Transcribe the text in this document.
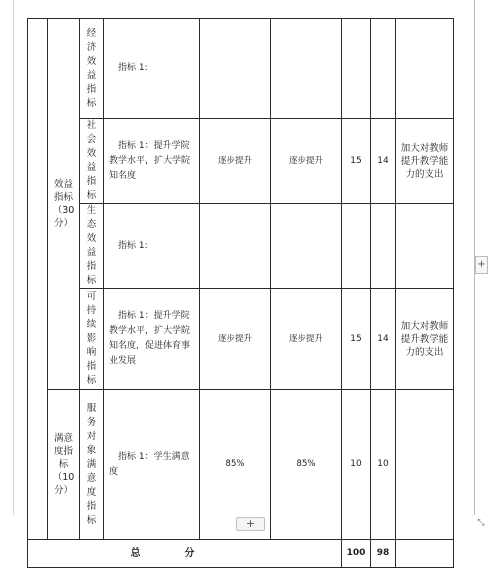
	效益指标（30分）	经济效益指标	指标 1:					
		社会效益指标	指标 1：提升学院教学水平，扩大学院知名度	逐步提升	逐步提升	15	14	加大对教师提升教学能力的支出
		生态效益指标	指标 1:					
		可持续影响指标	指标 1：提升学院教学水平，扩大学院知名度，促进体育事业发展	逐步提升	逐步提升	15	14	加大对教师提升教学能力的支出
	满意度指标（10分）	服务对象满意度指标	指标 1：学生满意度	85%	85%	10	10	
总分						100	98	
+
+	⤡
